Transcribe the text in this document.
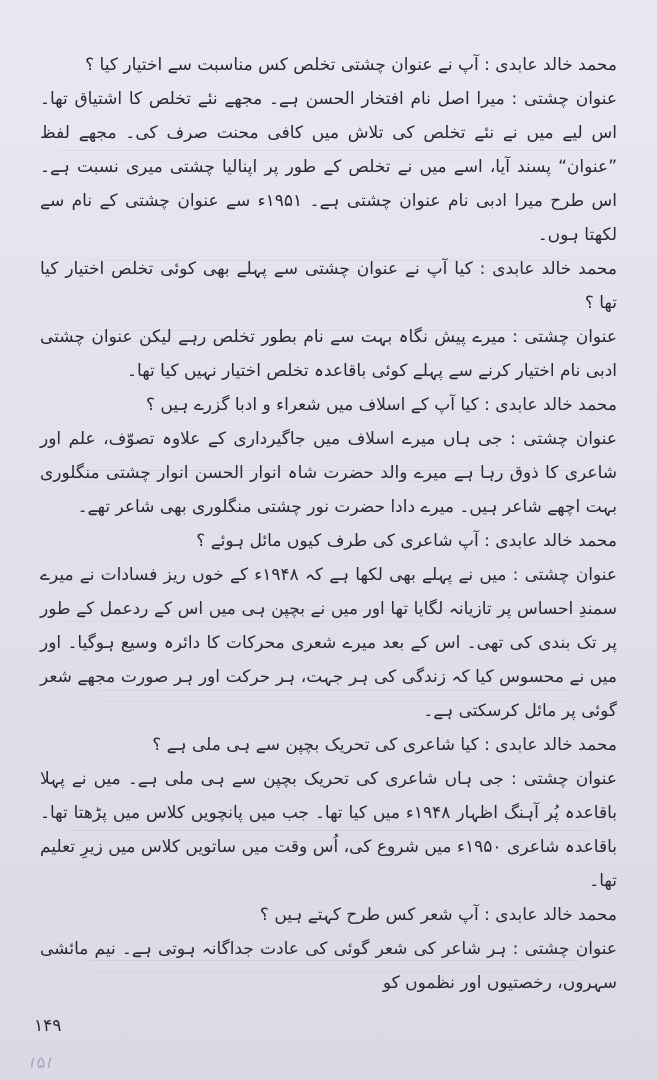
محمد خالد عابدی : آپ نے عنوان چشتی تخلص کس مناسبت سے اختیار کیا ؟

عنوان چشتی : میرا اصل نام افتخار الحسن ہے۔ مجھے نئے تخلص کا اشتیاق تھا۔ اس لیے میں نے نئے تخلص کی تلاش میں کافی محنت صرف کی۔ مجھے لفظ ”عنوان“ پسند آیا، اسے میں نے تخلص کے طور پر اپنالیا چشتی میری نسبت ہے۔ اس طرح میرا ادبی نام عنوان چشتی ہے۔ ۱۹۵۱ء سے عنوان چشتی کے نام سے لکھتا ہوں۔

محمد خالد عابدی : کیا آپ نے عنوان چشتی سے پہلے بھی کوئی تخلص اختیار کیا تھا ؟

عنوان چشتی : میرے پیش نگاہ بہت سے نام بطور تخلص رہے لیکن عنوان چشتی ادبی نام اختیار کرنے سے پہلے کوئی باقاعدہ تخلص اختیار نہیں کیا تھا۔

محمد خالد عابدی : کیا آپ کے اسلاف میں شعراء و ادبا گزرے ہیں ؟

عنوان چشتی : جی ہاں میرے اسلاف میں جاگیرداری کے علاوہ تصوّف، علم اور شاعری کا ذوق رہا ہے میرے والد حضرت شاہ انوار الحسن انوار چشتی منگلوری بہت اچھے شاعر ہیں۔ میرے دادا حضرت نور چشتی منگلوری بھی شاعر تھے۔

محمد خالد عابدی : آپ شاعری کی طرف کیوں مائل ہوئے ؟

عنوان چشتی : میں نے پہلے بھی لکھا ہے کہ ۱۹۴۸ء کے خوں ریز فسادات نے میرے سمندِ احساس پر تازیانہ لگایا تھا اور میں نے بچپن ہی میں اس کے ردعمل کے طور پر تک بندی کی تھی۔ اس کے بعد میرے شعری محرکات کا دائرہ وسیع ہوگیا۔ اور میں نے محسوس کیا کہ زندگی کی ہر جہت، ہر حرکت اور ہر صورت مجھے شعر گوئی پر مائل کرسکتی ہے۔

محمد خالد عابدی : کیا شاعری کی تحریک بچپن سے ہی ملی ہے ؟

عنوان چشتی : جی ہاں شاعری کی تحریک بچپن سے ہی ملی ہے۔ میں نے پہلا باقاعدہ پُر آہنگ اظہار ۱۹۴۸ء میں کیا تھا۔ جب میں پانچویں کلاس میں پڑھتا تھا۔ باقاعدہ شاعری ۱۹۵۰ء میں شروع کی، اُس وقت میں ساتویں کلاس میں زیرِ تعلیم تھا۔

محمد خالد عابدی : آپ شعر کس طرح کہتے ہیں ؟

عنوان چشتی : ہر شاعر کی شعر گوئی کی عادت جداگانہ ہوتی ہے۔ نیم مائشی سہروں، رخصتیوں اور نظموں کو

۱۴۹
۱۵۱
